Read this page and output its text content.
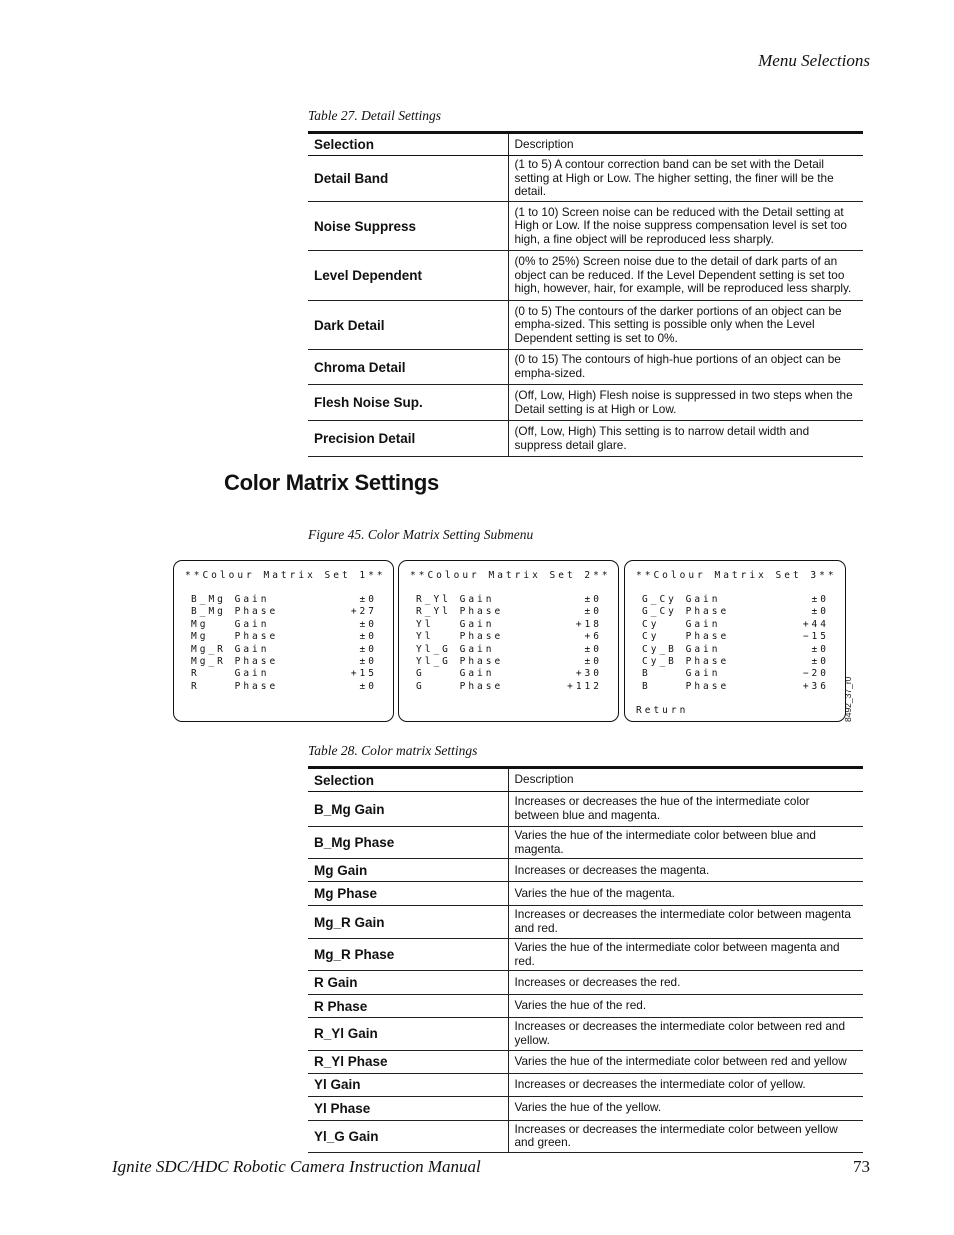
Menu Selections
Table 27. Detail Settings
Selection	Description
Detail Band	(1 to 5) A contour correction band can be set with the Detail setting at High or Low. The higher setting, the finer will be the detail.
Noise Suppress	(1 to 10) Screen noise can be reduced with the Detail setting at High or Low. If the noise suppress compensation level is set too high, a fine object will be reproduced less sharply.
Level Dependent	(0% to 25%) Screen noise due to the detail of dark parts of an object can be reduced. If the Level Dependent setting is set too high, however, hair, for example, will be reproduced less sharply.
Dark Detail	(0 to 5) The contours of the darker portions of an object can be empha-sized. This setting is possible only when the Level Dependent setting is set to 0%.
Chroma Detail	(0 to 15) The contours of high-hue portions of an object can be empha-sized.
Flesh Noise Sup.	(Off, Low, High) Flesh noise is suppressed in two steps when the Detail setting is at High or Low.
Precision Detail	(Off, Low, High) This setting is to narrow detail width and suppress detail glare.
Color Matrix Settings
Figure 45. Color Matrix Setting Submenu
**Colour Matrix Set 1**
B_Mg Gain	±0
B_Mg Phase	+27
Mg   Gain	±0
Mg   Phase	±0
Mg_R Gain	±0
Mg_R Phase	±0
R    Gain	+15
R    Phase	±0
**Colour Matrix Set 2**
R_Yl Gain	±0
R_Yl Phase	±0
Yl   Gain	+18
Yl   Phase	+6
Yl_G Gain	±0
Yl_G Phase	±0
G    Gain	+30
G    Phase	+112
**Colour Matrix Set 3**
G_Cy Gain	±0
G_Cy Phase	±0
Cy   Gain	+44
Cy   Phase	−15
Cy_B Gain	±0
Cy_B Phase	±0
B    Gain	−20
B    Phase	+36
Return	8492_37_r0
Table 28. Color matrix Settings
Selection	Description
B_Mg Gain	Increases or decreases the hue of the intermediate color between blue and magenta.
B_Mg Phase	Varies the hue of the intermediate color between blue and magenta.
Mg Gain	Increases or decreases the magenta.
Mg Phase	Varies the hue of the magenta.
Mg_R Gain	Increases or decreases the intermediate color between magenta and red.
Mg_R Phase	Varies the hue of the intermediate color between magenta and red.
R Gain	Increases or decreases the red.
R Phase	Varies the hue of the red.
R_Yl Gain	Increases or decreases the intermediate color between red and yellow.
R_Yl Phase	Varies the hue of the intermediate color between red and yellow
Yl Gain	Increases or decreases the intermediate color of yellow.
Yl Phase	Varies the hue of the yellow.
Yl_G Gain	Increases or decreases the intermediate color between yellow and green.
Ignite SDC/HDC Robotic Camera Instruction Manual	73
